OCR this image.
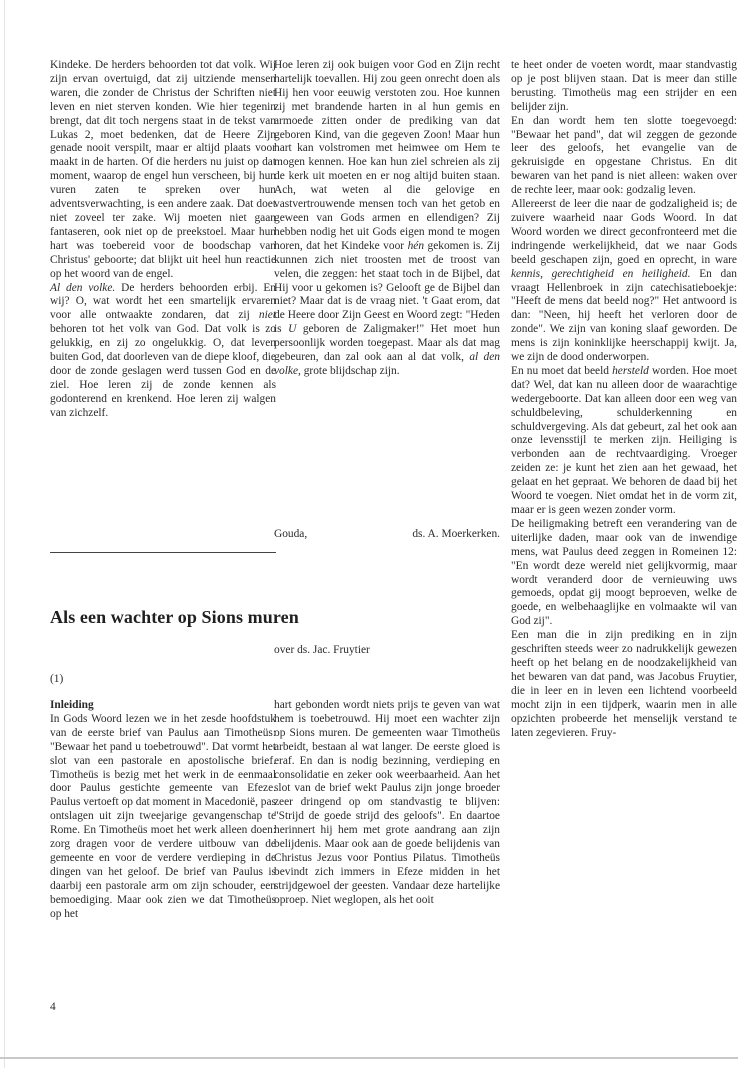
Kindeke. De herders behoorden tot dat volk. Wij zijn ervan overtuigd, dat zij uitziende mensen waren, die zonder de Christus der Schriften niet leven en niet sterven konden. Wie hier tegenin brengt, dat dit toch nergens staat in de tekst van Lukas 2, moet bedenken, dat de Heere Zijn genade nooit verspilt, maar er altijd plaats voor maakt in de harten. Of die herders nu juist op dat moment, waarop de engel hun verscheen, bij hun vuren zaten te spreken over hun adventsverwachting, is een andere zaak. Dat doet niet zoveel ter zake. Wij moeten niet gaan fantaseren, ook niet op de preekstoel. Maar hun hart was toebereid voor de boodschap van Christus' geboorte; dat blijkt uit heel hun reactie op het woord van de engel.

Al den volke. De herders behoorden erbij. En wij? O, wat wordt het een smartelijk ervaren voor alle ontwaakte zondaren, dat zij niet behoren tot het volk van God. Dat volk is zo gelukkig, en zij zo ongelukkig. O, dat leven buiten God, dat doorleven van de diepe kloof, die door de zonde geslagen werd tussen God en de ziel. Hoe leren zij de zonde kennen als godonterend en krenkend. Hoe leren zij walgen van zichzelf.

Hoe leren zij ook buigen voor God en Zijn recht hartelijk toevallen. Hij zou geen onrecht doen als Hij hen voor eeuwig verstoten zou. Hoe kunnen zij met brandende harten in al hun gemis en armoede zitten onder de prediking van dat geboren Kind, van die gegeven Zoon! Maar hun hart kan volstromen met heimwee om Hem te mogen kennen. Hoe kan hun ziel schreien als zij de kerk uit moeten en er nog altijd buiten staan. Ach, wat weten al die gelovige en vastvertrouwende mensen toch van het getob en geween van Gods armen en ellendigen? Zij hebben nodig het uit Gods eigen mond te mogen horen, dat het Kindeke voor hén gekomen is. Zij kunnen zich niet troosten met de troost van velen, die zeggen: het staat toch in de Bijbel, dat Hij voor u gekomen is? Gelooft ge de Bijbel dan niet? Maar dat is de vraag niet. 't Gaat erom, dat de Heere door Zijn Geest en Woord zegt: "Heden is U geboren de Zaligmaker!" Het moet hun persoonlijk worden toegepast. Maar als dat mag gebeuren, dan zal ook aan al dat volk, al den volke, grote blijdschap zijn.

Gouda,	ds. A. Moerkerken.

te heet onder de voeten wordt, maar standvastig op je post blijven staan. Dat is meer dan stille berusting. Timotheüs mag een strijder en een belijder zijn.

En dan wordt hem ten slotte toegevoegd: "Bewaar het pand", dat wil zeggen de gezonde leer des geloofs, het evangelie van de gekruisigde en opgestane Christus. En dit bewaren van het pand is niet alleen: waken over de rechte leer, maar ook: godzalig leven.

Allereerst de leer die naar de godzaligheid is; de zuivere waarheid naar Gods Woord. In dat Woord worden we direct geconfronteerd met die indringende werkelijkheid, dat we naar Gods beeld geschapen zijn, goed en oprecht, in ware kennis, gerechtigheid en heiligheid. En dan vraagt Hellenbroek in zijn catechisatieboekje: "Heeft de mens dat beeld nog?" Het antwoord is dan: "Neen, hij heeft het verloren door de zonde". We zijn van koning slaaf geworden. De mens is zijn koninklijke heerschappij kwijt. Ja, we zijn de dood onderworpen.

En nu moet dat beeld hersteld worden. Hoe moet dat? Wel, dat kan nu alleen door de waarachtige wedergeboorte. Dat kan alleen door een weg van schuldbeleving, schulderkenning en schuldvergeving. Als dat gebeurt, zal het ook aan onze levensstijl te merken zijn. Heiliging is verbonden aan de rechtvaardiging. Vroeger zeiden ze: je kunt het zien aan het gewaad, het gelaat en het gepraat. We behoren de daad bij het Woord te voegen. Niet omdat het in de vorm zit, maar er is geen wezen zonder vorm.

De heiligmaking betreft een verandering van de uiterlijke daden, maar ook van de inwendige mens, wat Paulus deed zeggen in Romeinen 12: "En wordt deze wereld niet gelijkvormig, maar wordt veranderd door de vernieuwing uws gemoeds, opdat gij moogt beproeven, welke de goede, en welbehaaglijke en volmaakte wil van God zij".

Een man die in zijn prediking en in zijn geschriften steeds weer zo nadrukkelijk gewezen heeft op het belang en de noodzakelijkheid van het bewaren van dat pand, was Jacobus Fruytier, die in leer en in leven een lichtend voorbeeld mocht zijn in een tijdperk, waarin men in alle opzichten probeerde het menselijk verstand te laten zegevieren. Fruy-

Als een wachter op Sions muren
over ds. Jac. Fruytier
(1)

Inleiding

In Gods Woord lezen we in het zesde hoofdstuk van de eerste brief van Paulus aan Timotheüs: "Bewaar het pand u toebetrouwd". Dat vormt het slot van een pastorale en apostolische brief. Timotheüs is bezig met het werk in de eenmaal door Paulus gestichte gemeente van Efeze. Paulus vertoeft op dat moment in Macedonië, pas ontslagen uit zijn tweejarige gevangenschap te Rome. En Timotheüs moet het werk alleen doen: zorg dragen voor de verdere uitbouw van de gemeente en voor de verdere verdieping in de dingen van het geloof. De brief van Paulus is daarbij een pastorale arm om zijn schouder, een bemoediging. Maar ook zien we dat Timotheüs op het

hart gebonden wordt niets prijs te geven van wat hem is toebetrouwd. Hij moet een wachter zijn op Sions muren. De gemeenten waar Timotheüs arbeidt, bestaan al wat langer. De eerste gloed is eraf. En dan is nodig bezinning, verdieping en consolidatie en zeker ook weerbaarheid. Aan het slot van de brief wekt Paulus zijn jonge broeder zeer dringend op om standvastig te blijven: "Strijd de goede strijd des geloofs". En daartoe herinnert hij hem met grote aandrang aan zijn belijdenis. Maar ook aan de goede belijdenis van Christus Jezus voor Pontius Pilatus. Timotheüs bevindt zich immers in Efeze midden in het strijdgewoel der geesten. Vandaar deze hartelijke oproep. Niet weglopen, als het ooit

4
